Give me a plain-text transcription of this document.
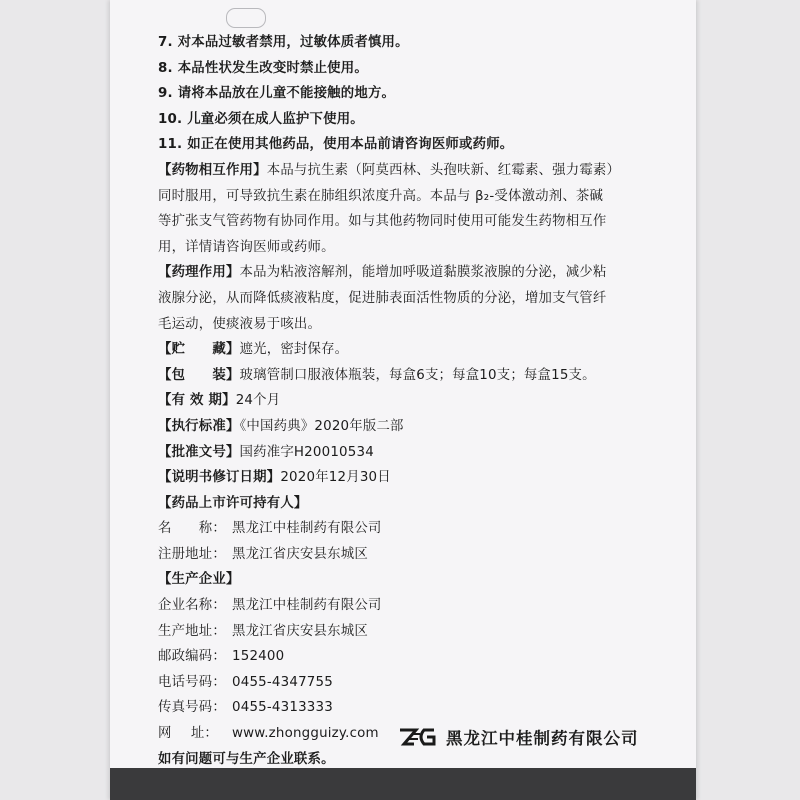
7. 对本品过敏者禁用，过敏体质者慎用。
8. 本品性状发生改变时禁止使用。
9. 请将本品放在儿童不能接触的地方。
10. 儿童必须在成人监护下使用。
11. 如正在使用其他药品，使用本品前请咨询医师或药师。
【药物相互作用】本品与抗生素（阿莫西林、头孢呋新、红霉素、强力霉素）
同时服用，可导致抗生素在肺组织浓度升高。本品与 β₂-受体激动剂、茶碱
等扩张支气管药物有协同作用。如与其他药物同时使用可能发生药物相互作
用，详情请咨询医师或药师。
【药理作用】本品为粘液溶解剂，能增加呼吸道黏膜浆液腺的分泌，减少粘
液腺分泌，从而降低痰液粘度，促进肺表面活性物质的分泌，增加支气管纤
毛运动，使痰液易于咳出。
【贮　　藏】遮光，密封保存。
【包　　装】玻璃管制口服液体瓶装，每盒6支；每盒10支；每盒15支。
【有 效 期】24个月
【执行标准】《中国药典》2020年版二部
【批准文号】国药准字H20010534
【说明书修订日期】2020年12月30日
【药品上市许可持有人】
名　　称： 黑龙江中桂制药有限公司
注册地址： 黑龙江省庆安县东城区
【生产企业】
企业名称： 黑龙江中桂制药有限公司
生产地址： 黑龙江省庆安县东城区
邮政编码： 152400
电话号码： 0455-4347755
传真号码： 0455-4313333
网 址： www.zhongguizy.com
如有问题可与生产企业联系。
黑龙江中桂制药有限公司
